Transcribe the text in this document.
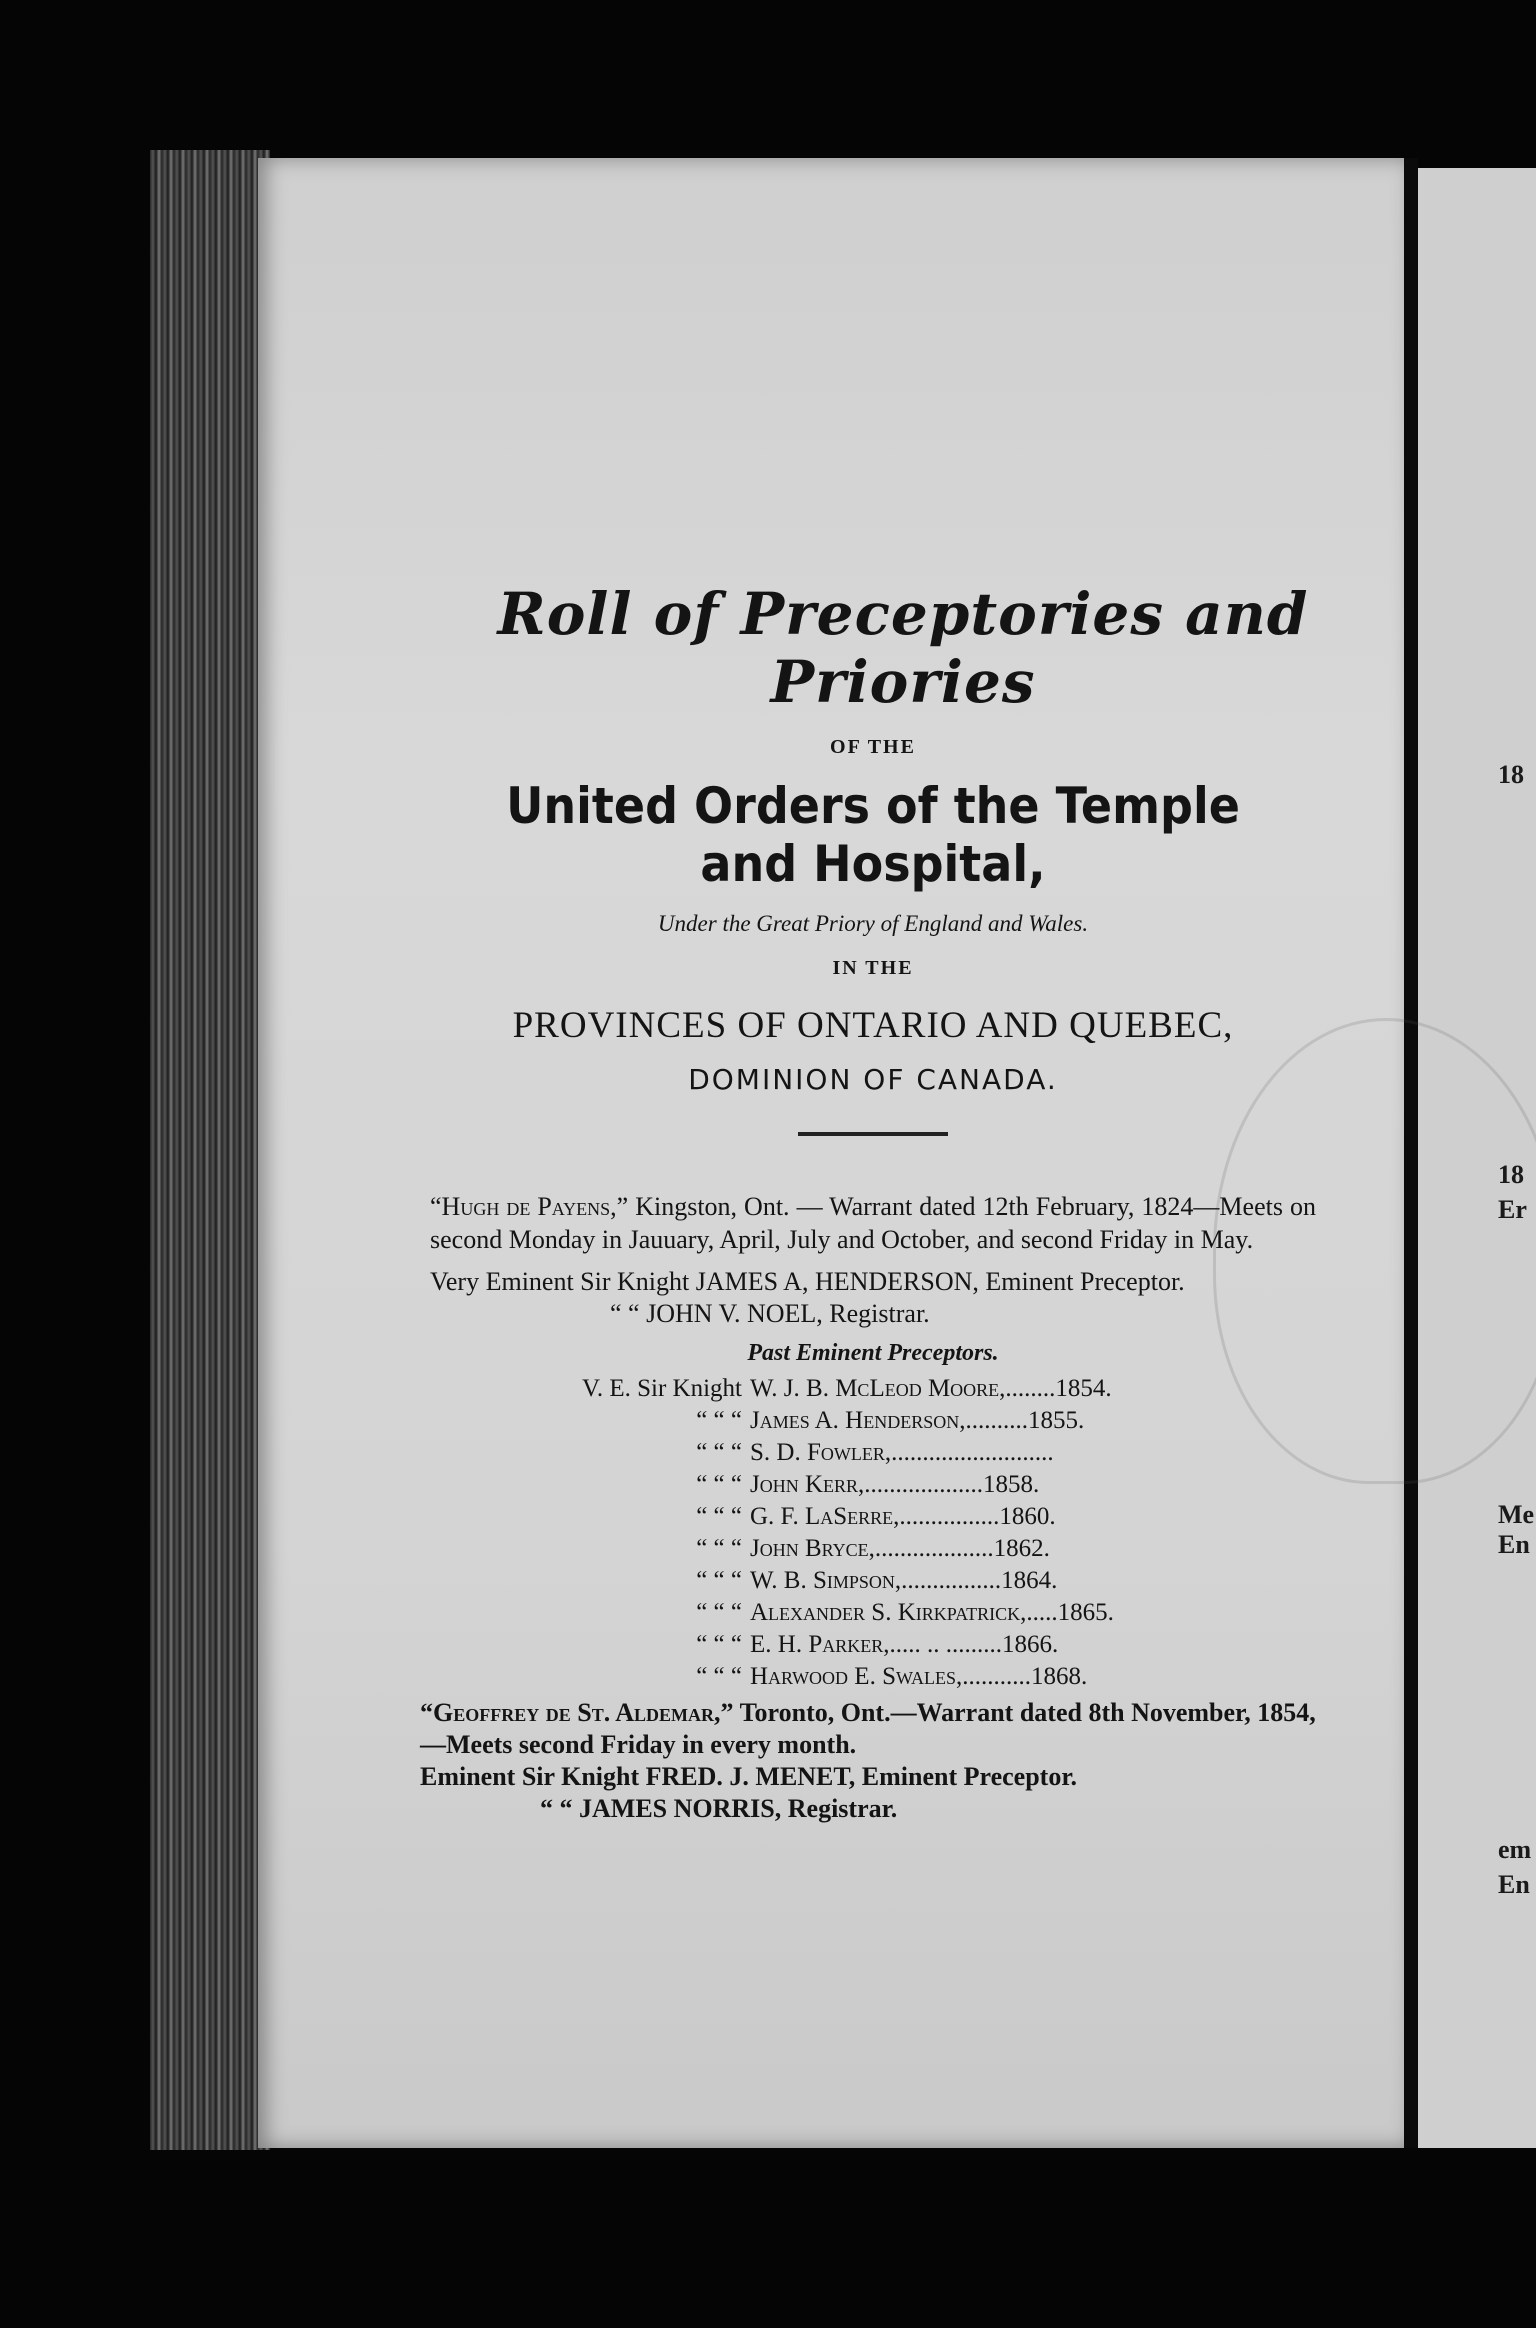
18
18
Er
Me
En
em
En
Roll of Preceptories and Priories
OF THE
United Orders of the Temple and Hospital,
Under the Great Priory of England and Wales.
IN THE
PROVINCES OF ONTARIO AND QUEBEC,
DOMINION OF CANADA.
“Hugh de Payens,” Kingston, Ont. — Warrant dated 12th February, 1824—Meets on second Monday in Jauuary, April, July and October, and second Friday in May.
Very Eminent Sir Knight JAMES A, HENDERSON, Eminent Preceptor.
“ “ JOHN V. NOEL, Registrar.
Past Eminent Preceptors.
V. E. Sir Knight W. J. B. McLeod Moore,........1854.
“ “ “ James A. Henderson,..........1855.
“ “ “ S. D. Fowler,..........................
“ “ “ John Kerr,...................1858.
“ “ “ G. F. LaSerre,................1860.
“ “ “ John Bryce,...................1862.
“ “ “ W. B. Simpson,................1864.
“ “ “ Alexander S. Kirkpatrick,.....1865.
“ “ “ E. H. Parker,..... .. .........1866.
“ “ “ Harwood E. Swales,...........1868.
“Geoffrey de St. Aldemar,” Toronto, Ont.—Warrant dated 8th November, 1854,—Meets second Friday in every month.
Eminent Sir Knight FRED. J. MENET, Eminent Preceptor.
“ “ JAMES NORRIS, Registrar.
